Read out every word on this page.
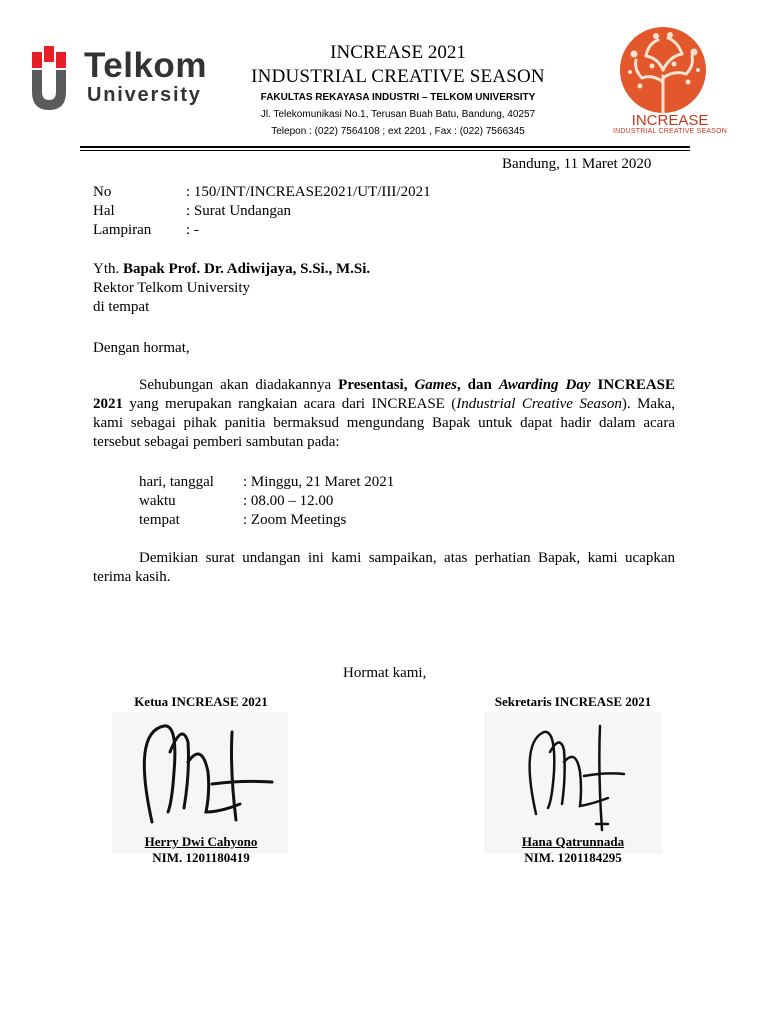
Telkom
University
INCREASE 2021
INDUSTRIAL CREATIVE SEASON
FAKULTAS REKAYASA INDUSTRI – TELKOM UNIVERSITY
Jl. Telekomunikasi No.1, Terusan Buah Batu, Bandung, 40257
Telepon : (022) 7564108 ; ext 2201 , Fax : (022) 7566345
INCREASE
INDUSTRIAL CREATIVE SEASON
Bandung, 11 Maret 2020
No	: 150/INT/INCREASE2021/UT/III/2021
Hal	: Surat Undangan
Lampiran : -
Yth. Bapak Prof. Dr. Adiwijaya, S.Si., M.Si.
Rektor Telkom University
di tempat
Dengan hormat,
Sehubungan akan diadakannya Presentasi, Games, dan Awarding Day INCREASE 2021 yang merupakan rangkaian acara dari INCREASE (Industrial Creative Season). Maka, kami sebagai pihak panitia bermaksud mengundang Bapak untuk dapat hadir dalam acara tersebut sebagai pemberi sambutan pada:
hari, tanggal : Minggu, 21 Maret 2021
waktu	: 08.00 – 12.00
tempat	: Zoom Meetings
Demikian surat undangan ini kami sampaikan, atas perhatian Bapak, kami ucapkan terima kasih.
Hormat kami,
Ketua INCREASE 2021
Herry Dwi Cahyono
NIM. 1201180419
Sekretaris INCREASE 2021
Hana Qatrunnada
NIM. 1201184295
